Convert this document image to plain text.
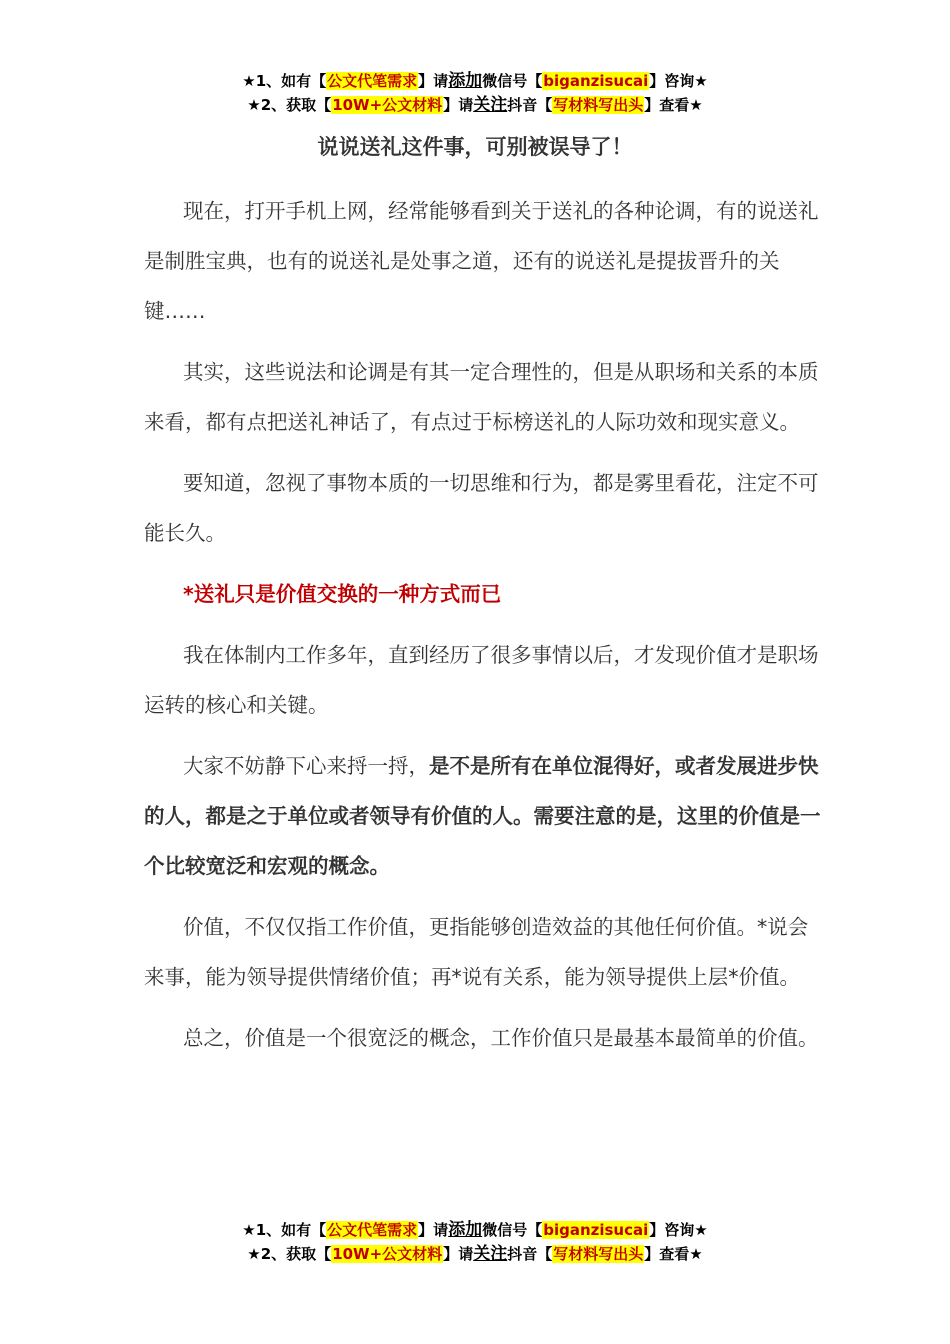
★1、如有【公文代笔需求】请添加微信号【biganzisucai】咨询★
★2、获取【10W+公文材料】请关注抖音【写材料写出头】查看★
说说送礼这件事，可别被误导了！

现在，打开手机上网，经常能够看到关于送礼的各种论调，有的说送礼是制胜宝典，也有的说送礼是处事之道，还有的说送礼是提拔晋升的关键……

其实，这些说法和论调是有其一定合理性的，但是从职场和关系的本质来看，都有点把送礼神话了，有点过于标榜送礼的人际功效和现实意义。

要知道，忽视了事物本质的一切思维和行为，都是雾里看花，注定不可能长久。

*送礼只是价值交换的一种方式而已

我在体制内工作多年，直到经历了很多事情以后，才发现价值才是职场运转的核心和关键。

大家不妨静下心来捋一捋，是不是所有在单位混得好，或者发展进步快的人，都是之于单位或者领导有价值的人。需要注意的是，这里的价值是一个比较宽泛和宏观的概念。

价值，不仅仅指工作价值，更指能够创造效益的其他任何价值。*说会来事，能为领导提供情绪价值；再*说有关系，能为领导提供上层*价值。

总之，价值是一个很宽泛的概念，工作价值只是最基本最简单的价值。

★1、如有【公文代笔需求】请添加微信号【biganzisucai】咨询★
★2、获取【10W+公文材料】请关注抖音【写材料写出头】查看★
